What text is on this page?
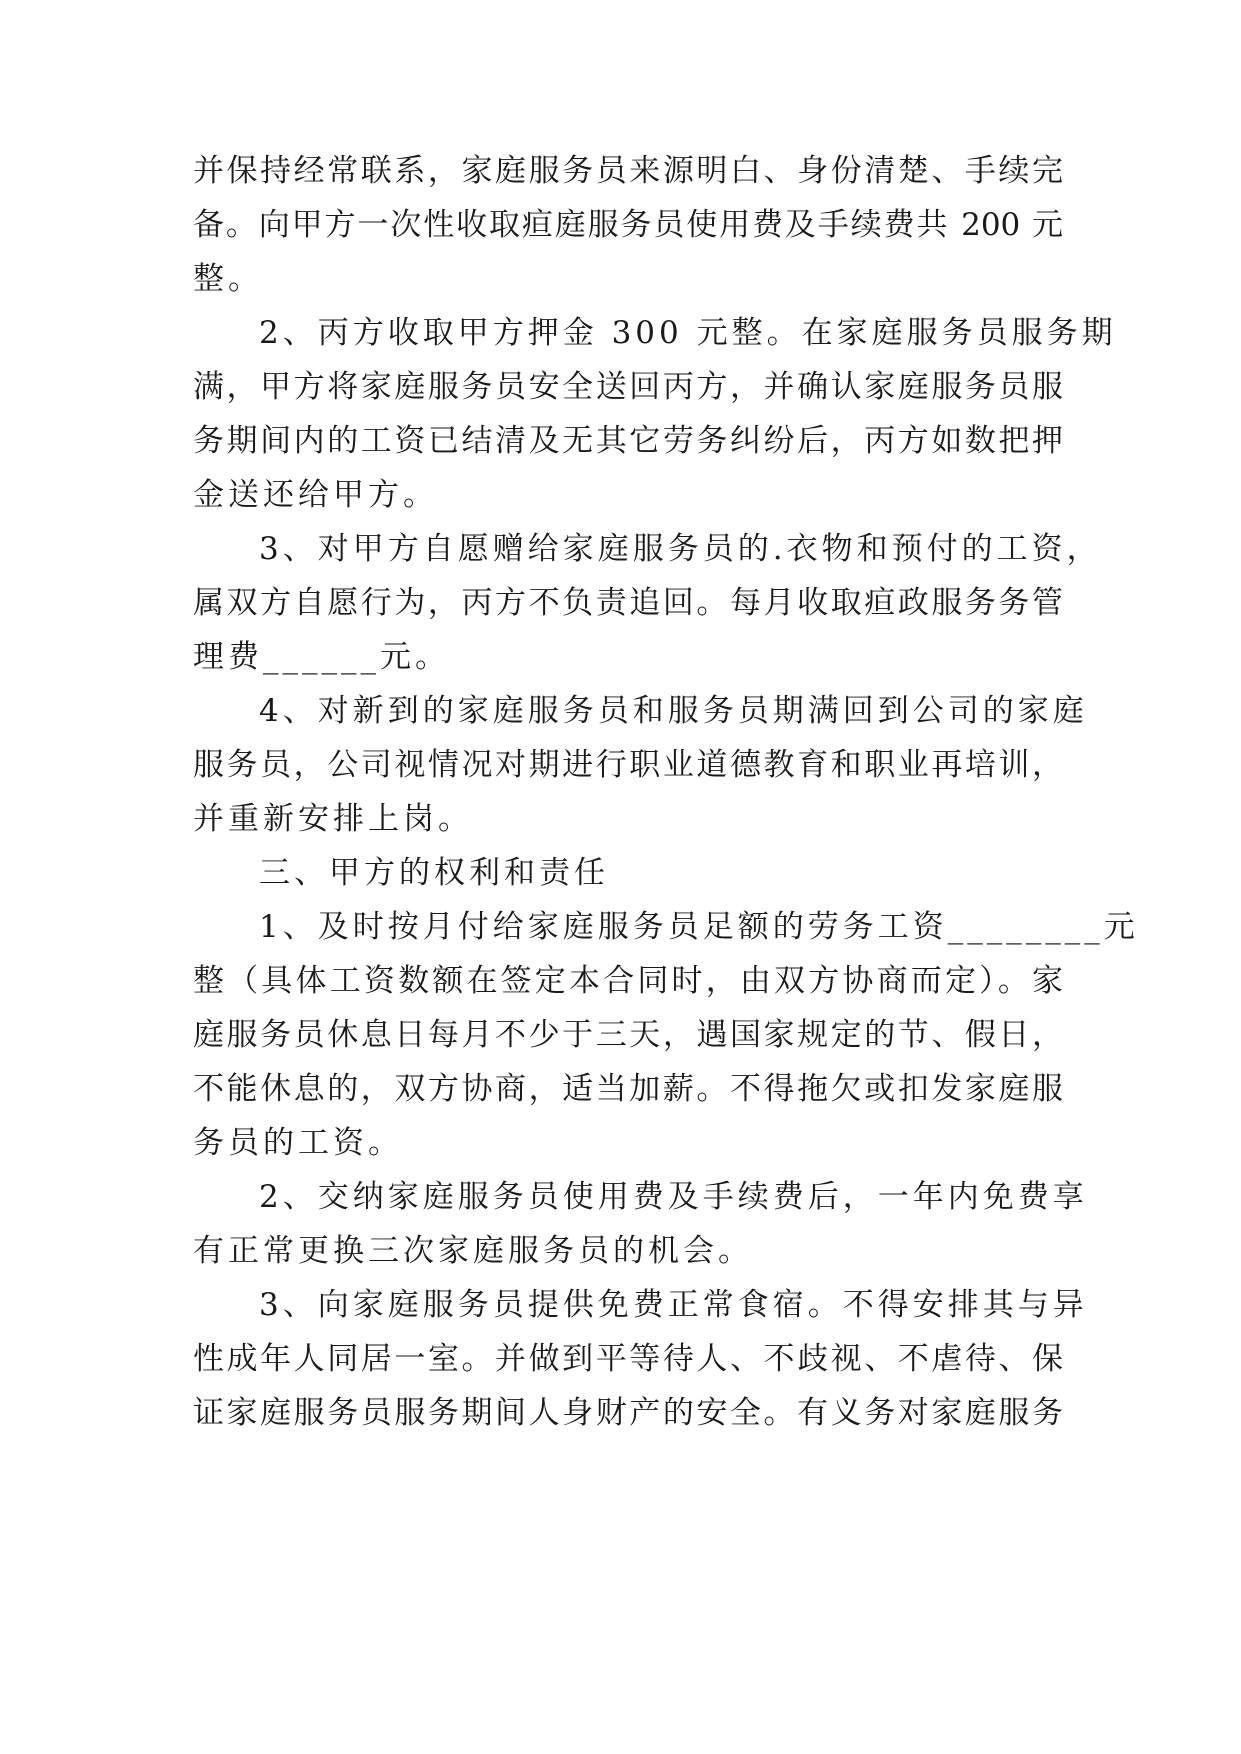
并保持经常联系，家庭服务员来源明白、身份清楚、手续完
备。向甲方一次性收取疸庭服务员使用费及手续费共 200 元
整。
2、丙方收取甲方押金 300 元整。在家庭服务员服务期
满，甲方将家庭服务员安全送回丙方，并确认家庭服务员服
务期间内的工资已结清及无其它劳务纠纷后，丙方如数把押
金送还给甲方。
3、对甲方自愿赠给家庭服务员的.衣物和预付的工资，
属双方自愿行为，丙方不负责追回。每月收取疸政服务务管
理费______元。
4、对新到的家庭服务员和服务员期满回到公司的家庭
服务员，公司视情况对期进行职业道德教育和职业再培训，
并重新安排上岗。
三、甲方的权利和责任
1、及时按月付给家庭服务员足额的劳务工资________元
整（具体工资数额在签定本合同时，由双方协商而定）。家
庭服务员休息日每月不少于三天，遇国家规定的节、假日，
不能休息的，双方协商，适当加薪。不得拖欠或扣发家庭服
务员的工资。
2、交纳家庭服务员使用费及手续费后，一年内免费享
有正常更换三次家庭服务员的机会。
3、向家庭服务员提供免费正常食宿。不得安排其与异
性成年人同居一室。并做到平等待人、不歧视、不虐待、保
证家庭服务员服务期间人身财产的安全。有义务对家庭服务
